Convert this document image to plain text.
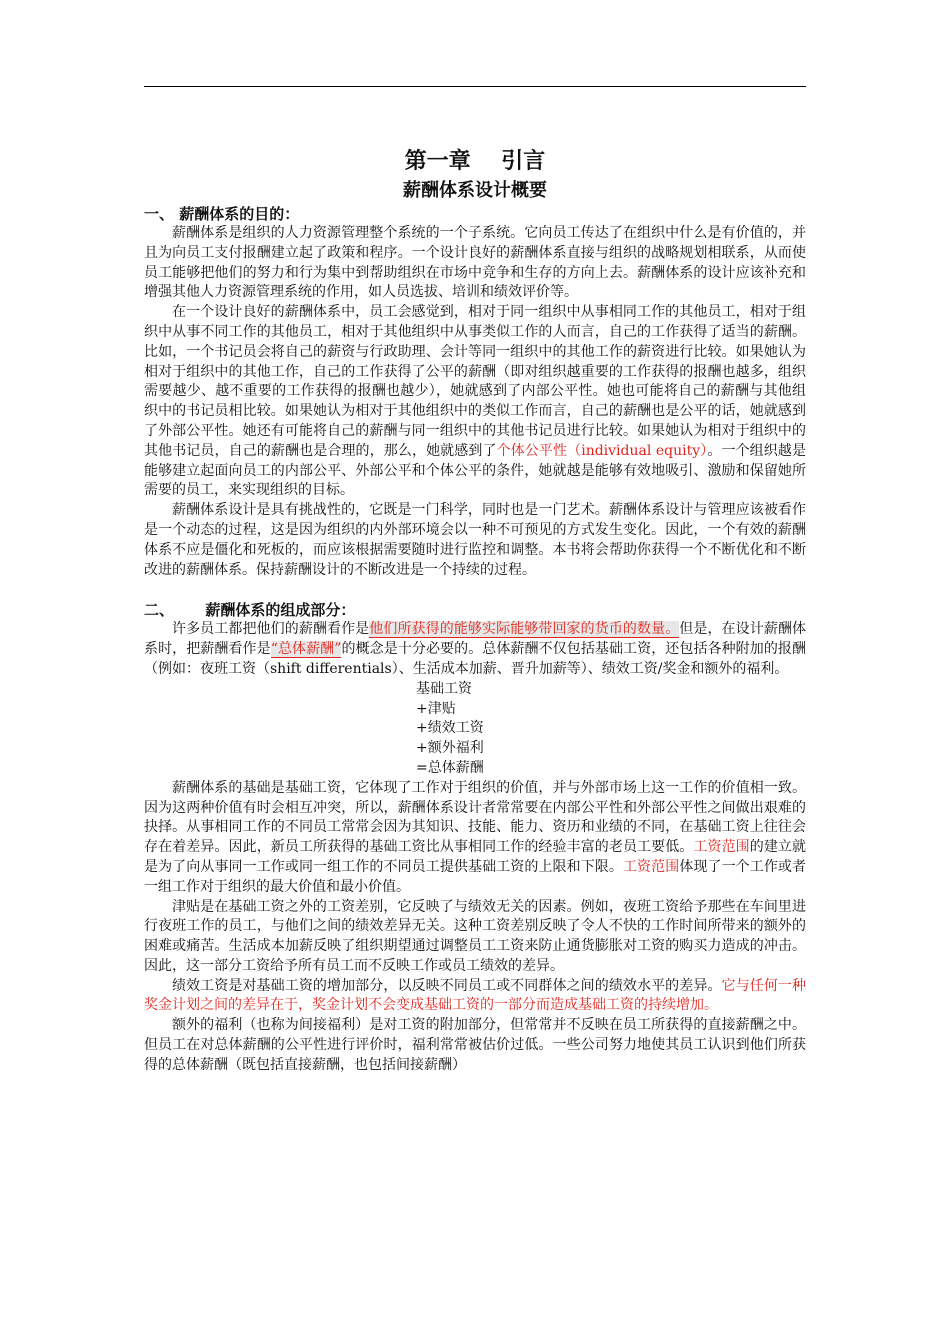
第一章    引言
薪酬体系设计概要
一、 薪酬体系的目的：

薪酬体系是组织的人力资源管理整个系统的一个子系统。它向员工传达了在组织中什么是有价值的，并且为向员工支付报酬建立起了政策和程序。一个设计良好的薪酬体系直接与组织的战略规划相联系，从而使员工能够把他们的努力和行为集中到帮助组织在市场中竞争和生存的方向上去。薪酬体系的设计应该补充和增强其他人力资源管理系统的作用，如人员选拔、培训和绩效评价等。

在一个设计良好的薪酬体系中，员工会感觉到，相对于同一组织中从事相同工作的其他员工，相对于组织中从事不同工作的其他员工，相对于其他组织中从事类似工作的人而言，自己的工作获得了适当的薪酬。比如，一个书记员会将自己的薪资与行政助理、会计等同一组织中的其他工作的薪资进行比较。如果她认为相对于组织中的其他工作，自己的工作获得了公平的薪酬（即对组织越重要的工作获得的报酬也越多，组织需要越少、越不重要的工作获得的报酬也越少），她就感到了内部公平性。她也可能将自己的薪酬与其他组织中的书记员相比较。如果她认为相对于其他组织中的类似工作而言，自己的薪酬也是公平的话，她就感到了外部公平性。她还有可能将自己的薪酬与同一组织中的其他书记员进行比较。如果她认为相对于组织中的其他书记员，自己的薪酬也是合理的，那么，她就感到了个体公平性（individual equity）。一个组织越是能够建立起面向员工的内部公平、外部公平和个体公平的条件，她就越是能够有效地吸引、激励和保留她所需要的员工，来实现组织的目标。

薪酬体系设计是具有挑战性的，它既是一门科学，同时也是一门艺术。薪酬体系设计与管理应该被看作是一个动态的过程，这是因为组织的内外部环境会以一种不可预见的方式发生变化。因此，一个有效的薪酬体系不应是僵化和死板的，而应该根据需要随时进行监控和调整。本书将会帮助你获得一个不断优化和不断改进的薪酬体系。保持薪酬设计的不断改进是一个持续的过程。

二、      薪酬体系的组成部分：

许多员工都把他们的薪酬看作是他们所获得的能够实际能够带回家的货币的数量。但是，在设计薪酬体系时，把薪酬看作是“总体薪酬”的概念是十分必要的。总体薪酬不仅包括基础工资，还包括各种附加的报酬（例如：夜班工资（shift differentials）、生活成本加薪、晋升加薪等）、绩效工资/奖金和额外的福利。

基础工资
+津贴
+绩效工资
+额外福利
=总体薪酬

薪酬体系的基础是基础工资，它体现了工作对于组织的价值，并与外部市场上这一工作的价值相一致。因为这两种价值有时会相互冲突，所以，薪酬体系设计者常常要在内部公平性和外部公平性之间做出艰难的抉择。从事相同工作的不同员工常常会因为其知识、技能、能力、资历和业绩的不同，在基础工资上往往会存在着差异。因此，新员工所获得的基础工资比从事相同工作的经验丰富的老员工要低。工资范围的建立就是为了向从事同一工作或同一组工作的不同员工提供基础工资的上限和下限。工资范围体现了一个工作或者一组工作对于组织的最大价值和最小价值。

津贴是在基础工资之外的工资差别，它反映了与绩效无关的因素。例如，夜班工资给予那些在车间里进行夜班工作的员工，与他们之间的绩效差异无关。这种工资差别反映了令人不快的工作时间所带来的额外的困难或痛苦。生活成本加薪反映了组织期望通过调整员工工资来防止通货膨胀对工资的购买力造成的冲击。因此，这一部分工资给予所有员工而不反映工作或员工绩效的差异。

绩效工资是对基础工资的增加部分，以反映不同员工或不同群体之间的绩效水平的差异。它与任何一种奖金计划之间的差异在于，奖金计划不会变成基础工资的一部分而造成基础工资的持续增加。

额外的福利（也称为间接福利）是对工资的附加部分，但常常并不反映在员工所获得的直接薪酬之中。但员工在对总体薪酬的公平性进行评价时，福利常常被估价过低。一些公司努力地使其员工认识到他们所获得的总体薪酬（既包括直接薪酬，也包括间接薪酬）
